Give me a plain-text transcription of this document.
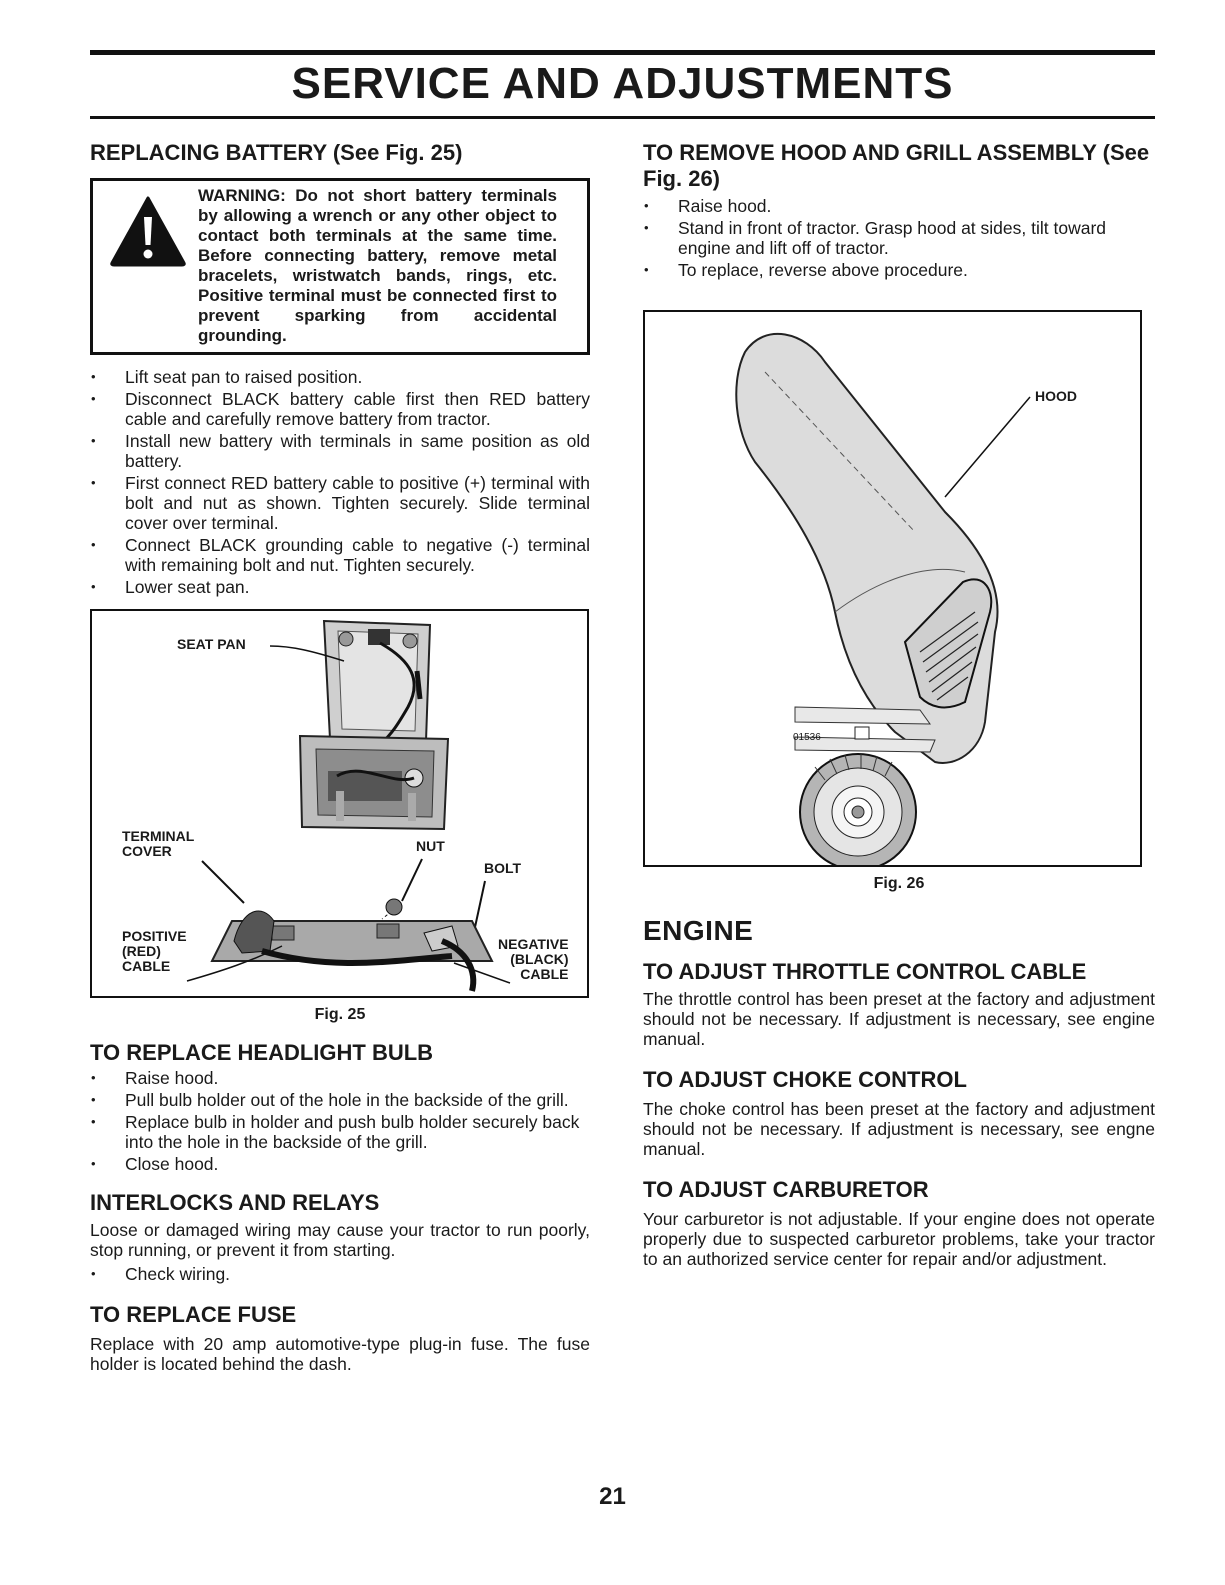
SERVICE AND ADJUSTMENTS
REPLACING BATTERY (See Fig. 25)
WARNING: Do not short battery terminals by allowing a wrench or any other object to contact both terminals at the same time. Before connecting battery, remove metal bracelets, wristwatch bands, rings, etc. Positive terminal must be connected first to prevent sparking from accidental grounding.
• Lift seat pan to raised position.
• Disconnect BLACK battery cable first then RED battery cable and carefully remove battery from tractor.
• Install new battery with terminals in same position as old battery.
• First connect RED battery cable to positive (+) terminal with bolt and nut as shown. Tighten securely. Slide terminal cover over terminal.
• Connect BLACK grounding cable to negative (-) terminal with remaining bolt and nut. Tighten securely.
• Lower seat pan.
SEAT PAN
TERMINAL
COVER	NUT
BOLT
POSITIVE
(RED)
CABLE
NEGATIVE
(BLACK)
CABLE
Fig. 25
TO REPLACE HEADLIGHT BULB
• Raise hood.
• Pull bulb holder out of the hole in the backside of the grill.
• Replace bulb in holder and push bulb holder securely back into the hole in the backside of the grill.
• Close hood.
INTERLOCKS AND RELAYS

Loose or damaged wiring may cause your tractor to run poorly, stop running, or prevent it from starting.

• Check wiring.
TO REPLACE FUSE

Replace with 20 amp automotive-type plug-in fuse. The fuse holder is located behind the dash.

TO REMOVE HOOD AND GRILL ASSEMBLY (See Fig. 26)
• Raise hood.
• Stand in front of tractor. Grasp hood at sides, tilt toward engine and lift off of tractor.
• To replace, reverse above procedure.
HOOD
01536
Fig. 26
ENGINE
TO ADJUST THROTTLE CONTROL CABLE

The throttle control has been preset at the factory and adjustment should not be necessary. If adjustment is necessary, see engine manual.

TO ADJUST CHOKE CONTROL

The choke control has been preset at the factory and adjustment should not be necessary. If adjustment is necessary, see engne manual.

TO ADJUST CARBURETOR

Your carburetor is not adjustable. If your engine does not operate properly due to suspected carburetor problems, take your tractor to an authorized service center for repair and/or adjustment.

21
